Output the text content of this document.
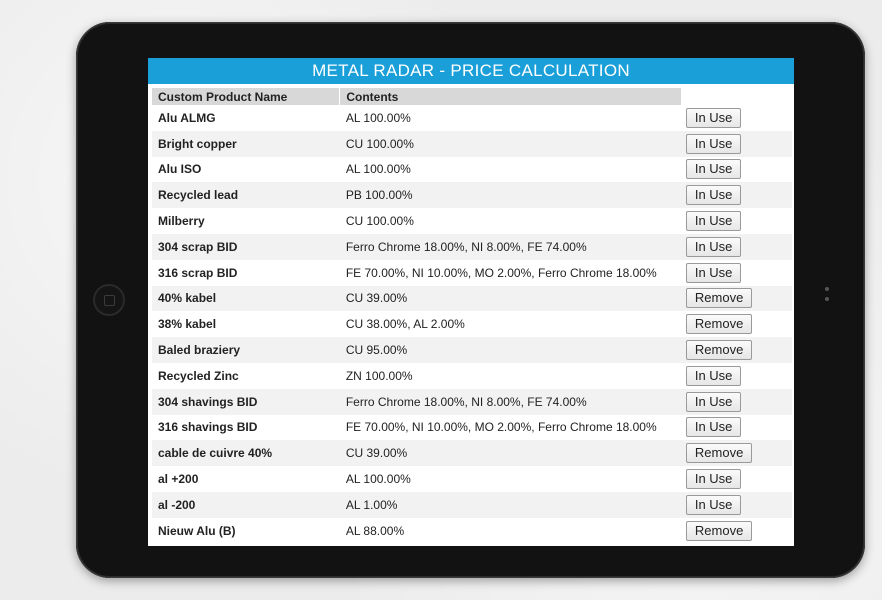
METAL RADAR - PRICE CALCULATION
Custom Product Name	Contents	
Alu ALMG	AL 100.00%	In Use
Bright copper	CU 100.00%	In Use
Alu ISO	AL 100.00%	In Use
Recycled lead	PB 100.00%	In Use
Milberry	CU 100.00%	In Use
304 scrap BID	Ferro Chrome 18.00%, NI 8.00%, FE 74.00%	In Use
316 scrap BID	FE 70.00%, NI 10.00%, MO 2.00%, Ferro Chrome 18.00%	In Use
40% kabel	CU 39.00%	Remove
38% kabel	CU 38.00%, AL 2.00%	Remove
Baled braziery	CU 95.00%	Remove
Recycled Zinc	ZN 100.00%	In Use
304 shavings BID	Ferro Chrome 18.00%, NI 8.00%, FE 74.00%	In Use
316 shavings BID	FE 70.00%, NI 10.00%, MO 2.00%, Ferro Chrome 18.00%	In Use
cable de cuivre 40%	CU 39.00%	Remove
al +200	AL 100.00%	In Use
al -200	AL 1.00%	In Use
Nieuw Alu (B)	AL 88.00%	Remove
